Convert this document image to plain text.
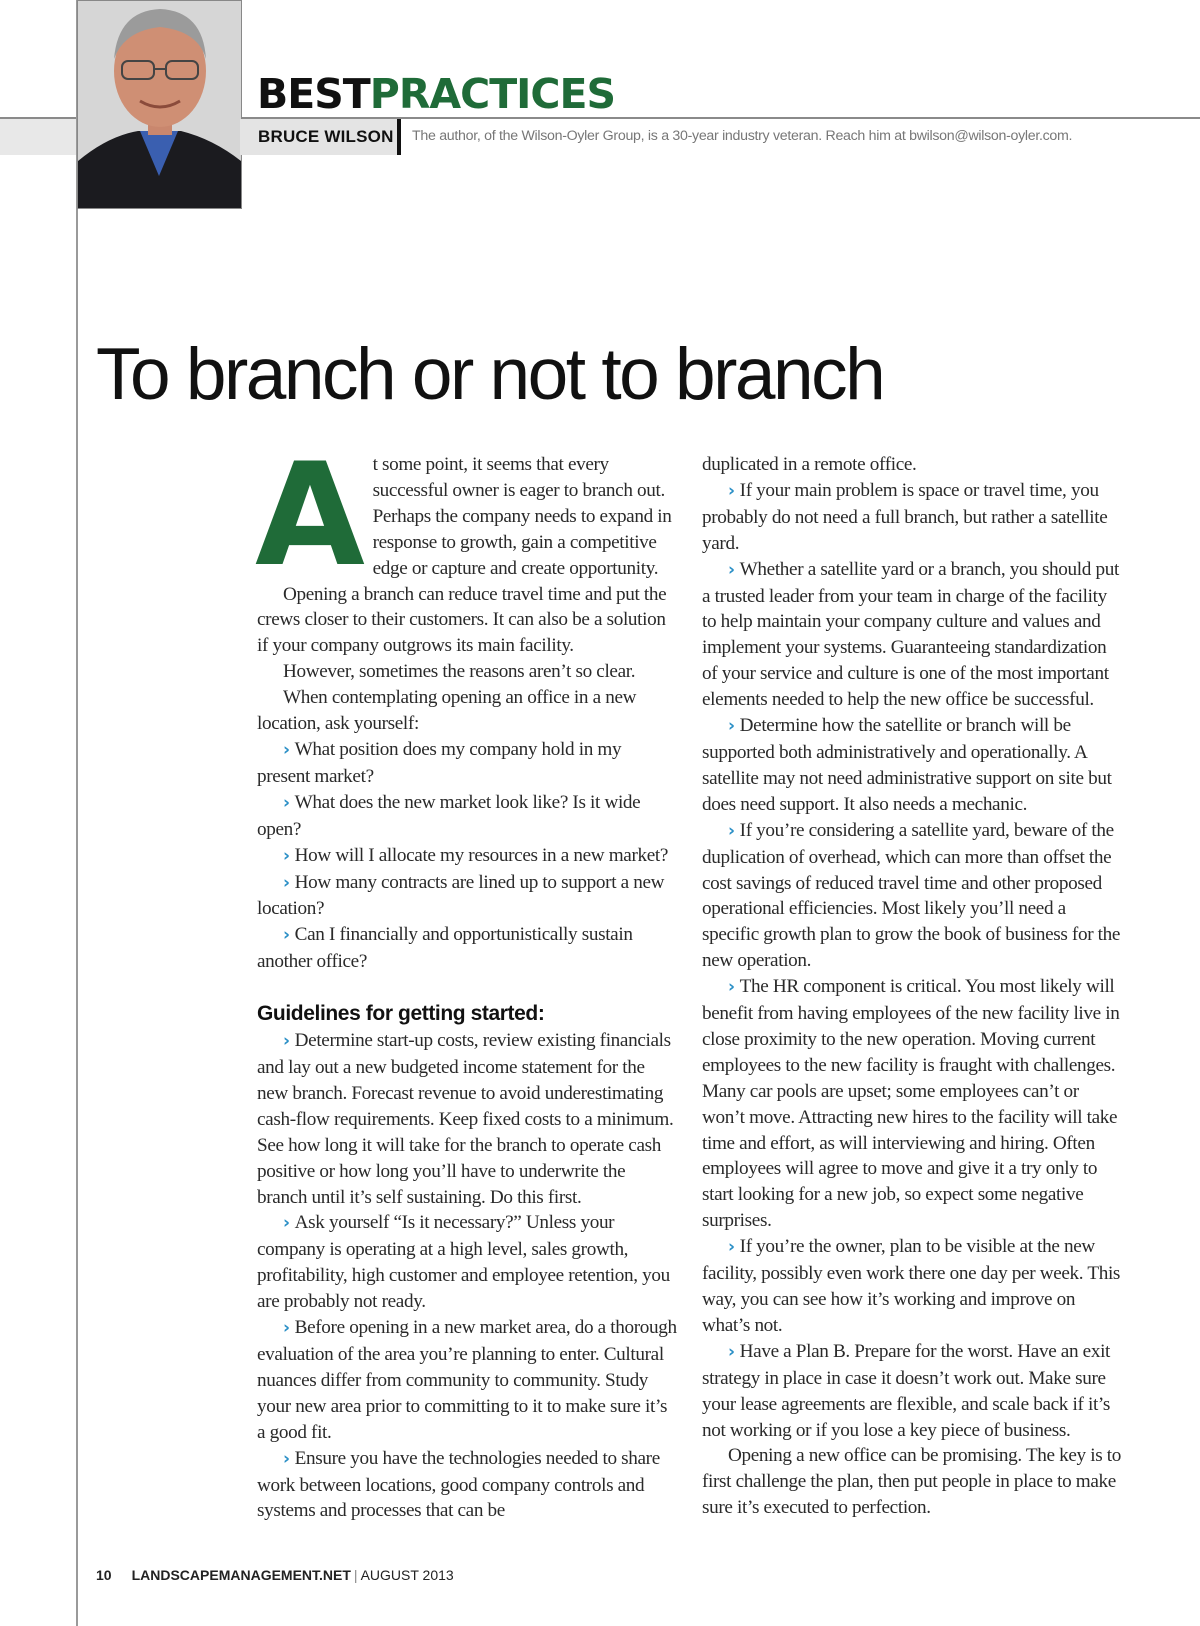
BESTPRACTICES
BRUCE WILSON The author, of the Wilson-Oyler Group, is a 30-year industry veteran. Reach him at bwilson@wilson-oyler.com.
To branch or not to branch

At some point, it seems that every successful owner is eager to branch out. Perhaps the company needs to expand in response to growth, gain a competitive edge or capture and create opportunity.

Opening a branch can reduce travel time and put the crews closer to their customers. It can also be a solution if your company outgrows its main facility.

However, sometimes the reasons aren’t so clear.

When contemplating opening an office in a new location, ask yourself:

› What position does my company hold in my present market?

› What does the new market look like? Is it wide open?

› How will I allocate my resources in a new market?

› How many contracts are lined up to support a new location?

› Can I financially and opportunistically sustain another office?

Guidelines for getting started:

› Determine start-up costs, review existing financials and lay out a new budgeted income statement for the new branch. Forecast revenue to avoid underestimating cash-flow requirements. Keep fixed costs to a minimum. See how long it will take for the branch to operate cash positive or how long you’ll have to underwrite the branch until it’s self sustaining. Do this first.

› Ask yourself “Is it necessary?” Unless your company is operating at a high level, sales growth, profitability, high customer and employee retention, you are probably not ready.

› Before opening in a new market area, do a thorough evaluation of the area you’re planning to enter. Cultural nuances differ from community to community. Study your new area prior to committing to it to make sure it’s a good fit.

› Ensure you have the technologies needed to share work between locations, good company controls and systems and processes that can be

duplicated in a remote office.

› If your main problem is space or travel time, you probably do not need a full branch, but rather a satellite yard.

› Whether a satellite yard or a branch, you should put a trusted leader from your team in charge of the facility to help maintain your company culture and values and implement your systems. Guaranteeing standardization of your service and culture is one of the most important elements needed to help the new office be successful.

› Determine how the satellite or branch will be supported both administratively and operationally. A satellite may not need administrative support on site but does need support. It also needs a mechanic.

› If you’re considering a satellite yard, beware of the duplication of overhead, which can more than offset the cost savings of reduced travel time and other proposed operational efficiencies. Most likely you’ll need a specific growth plan to grow the book of business for the new operation.

› The HR component is critical. You most likely will benefit from having employees of the new facility live in close proximity to the new operation. Moving current employees to the new facility is fraught with challenges. Many car pools are upset; some employees can’t or won’t move. Attracting new hires to the facility will take time and effort, as will interviewing and hiring. Often employees will agree to move and give it a try only to start looking for a new job, so expect some negative surprises.

› If you’re the owner, plan to be visible at the new facility, possibly even work there one day per week. This way, you can see how it’s working and improve on what’s not.

› Have a Plan B. Prepare for the worst. Have an exit strategy in place in case it doesn’t work out. Make sure your lease agreements are flexible, and scale back if it’s not working or if you lose a key piece of business.

Opening a new office can be promising. The key is to first challenge the plan, then put people in place to make sure it’s executed to perfection.

10 LANDSCAPEMANAGEMENT.NET | AUGUST 2013
